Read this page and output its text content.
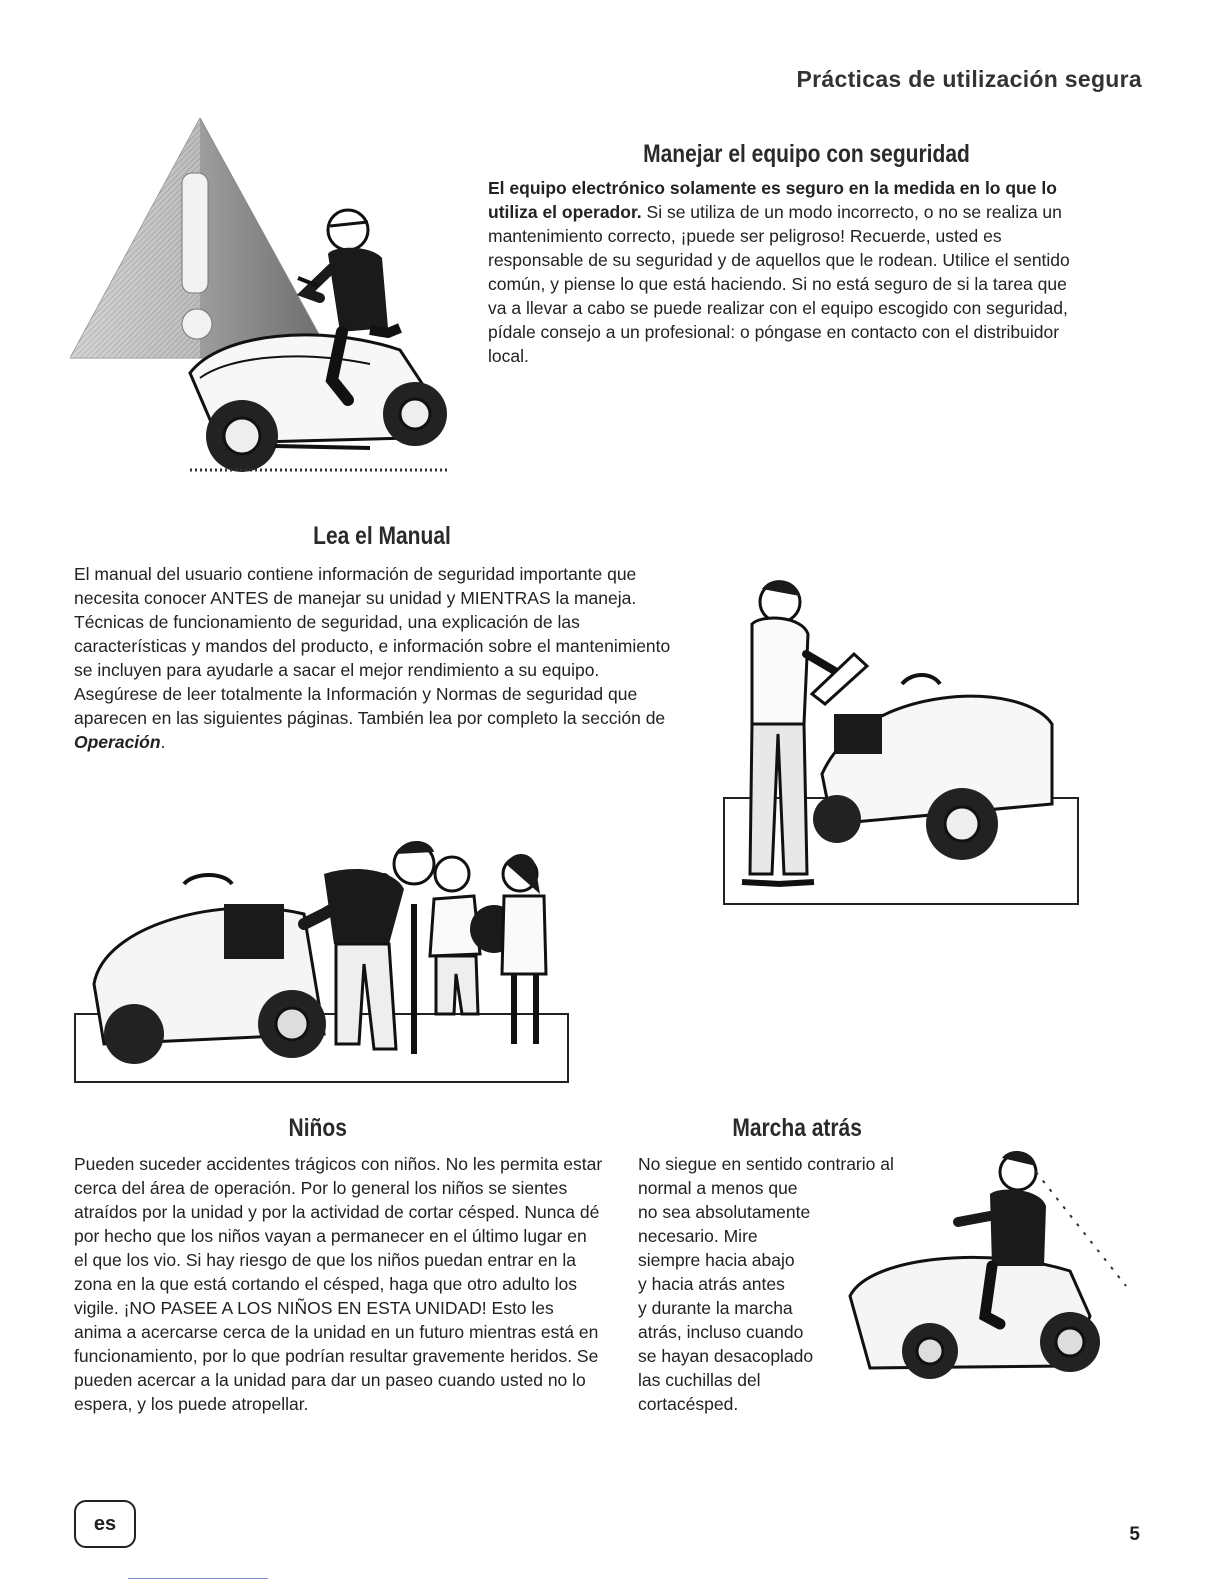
Prácticas de utilización segura
Manejar el equipo con seguridad

El equipo electrónico solamente es seguro en la medida en lo que lo utiliza el operador. Si se utiliza de un modo incorrecto, o no se realiza un mantenimiento correcto, ¡puede ser peligroso! Recuerde, usted es responsable de su seguridad y de aquellos que le rodean. Utilice el sentido común, y piense lo que está haciendo. Si no está seguro de si la tarea que va a llevar a cabo se puede realizar con el equipo escogido con seguridad, pídale consejo a un profesional: o póngase en contacto con el distribuidor local.

Lea el Manual

El manual del usuario contiene información de seguridad importante que necesita conocer ANTES de manejar su unidad y MIENTRAS la maneja.

Técnicas de funcionamiento de seguridad, una explicación de las características y mandos del producto, e información sobre el mantenimiento se incluyen para ayudarle a sacar el mejor rendimiento a su equipo.

Asegúrese de leer totalmente la Información y Normas de seguridad que aparecen en las siguientes páginas. También lea por completo la sección de Operación.

Niños
Pueden suceder accidentes trágicos con niños. No les permita estar cerca del área de operación. Por lo general los niños se sientes atraídos por la unidad y por la actividad de cortar césped. Nunca dé por hecho que los niños vayan a permanecer en el último lugar en el que los vio. Si hay riesgo de que los niños puedan entrar en la zona en la que está cortando el césped, haga que otro adulto los vigile. ¡NO PASEE A LOS NIÑOS EN ESTA UNIDAD! Esto les anima a acercarse cerca de la unidad en un futuro mientras está en funcionamiento, por lo que podrían resultar gravemente heridos. Se pueden acercar a la unidad para dar un paseo cuando usted no lo espera, y los puede atropellar.
Marcha atrás

No siegue en sentido contrario al

normal a menos que

no sea absolutamente

necesario. Mire

siempre hacia abajo

y hacia atrás antes

y durante la marcha

atrás, incluso cuando

se hayan desacoplado

las cuchillas del

cortacésped.

es	5
